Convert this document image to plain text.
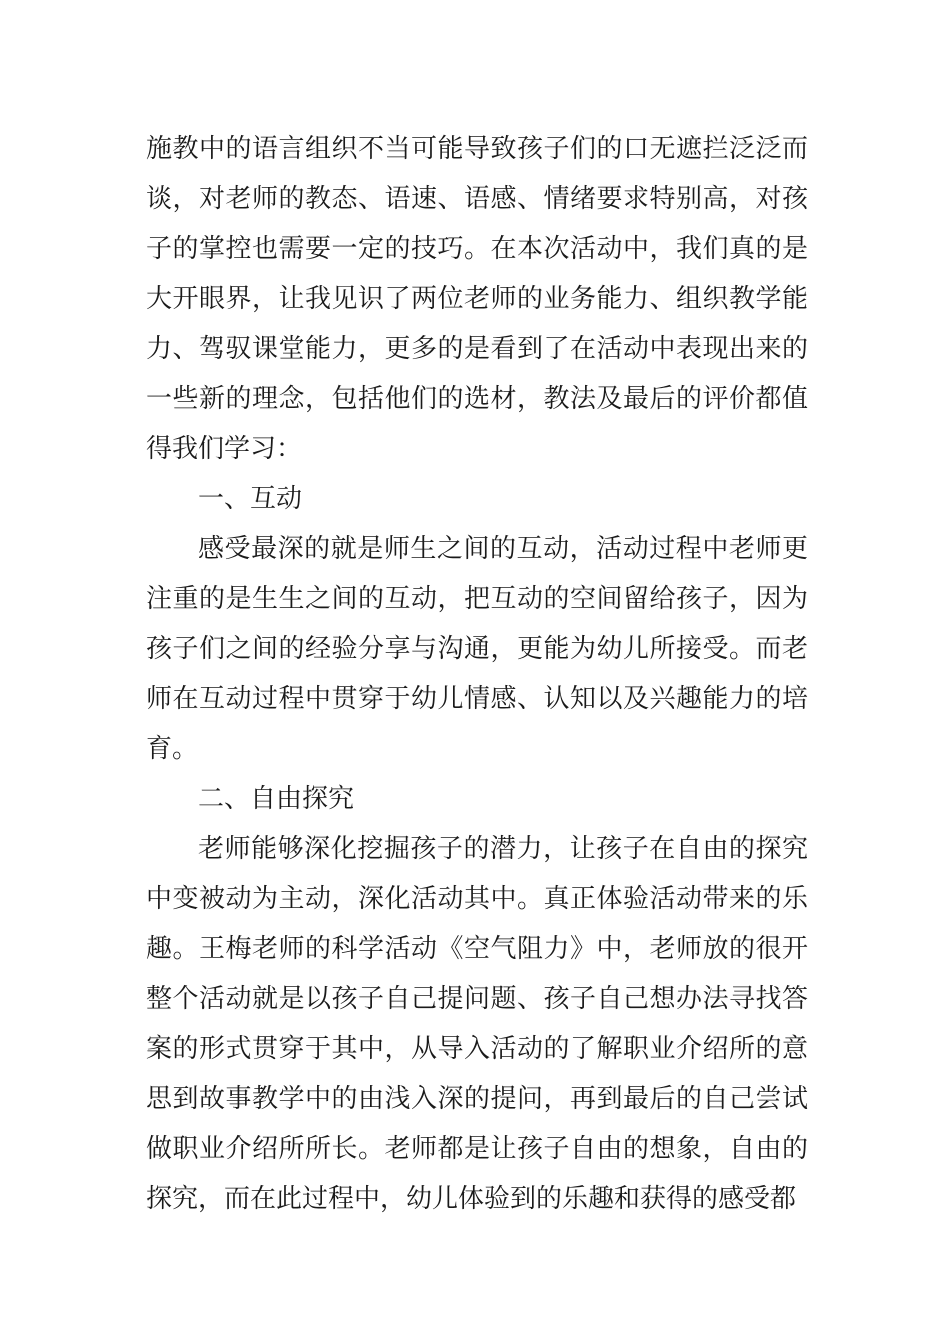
施教中的语言组织不当可能导致孩子们的口无遮拦泛泛而谈，对老师的教态、语速、语感、情绪要求特别高，对孩子的掌控也需要一定的技巧。在本次活动中，我们真的是大开眼界，让我见识了两位老师的业务能力、组织教学能力、驾驭课堂能力，更多的是看到了在活动中表现出来的一些新的理念，包括他们的选材，教法及最后的评价都值得我们学习：

一、互动

感受最深的就是师生之间的互动，活动过程中老师更注重的是生生之间的互动，把互动的空间留给孩子，因为孩子们之间的经验分享与沟通，更能为幼儿所接受。而老师在互动过程中贯穿于幼儿情感、认知以及兴趣能力的培育。

二、自由探究

老师能够深化挖掘孩子的潜力，让孩子在自由的探究中变被动为主动，深化活动其中。真正体验活动带来的乐趣。王梅老师的科学活动《空气阻力》中，老师放的很开整个活动就是以孩子自己提问题、孩子自己想办法寻找答案的形式贯穿于其中，从导入活动的了解职业介绍所的意思到故事教学中的由浅入深的提问，再到最后的自己尝试做职业介绍所所长。老师都是让孩子自由的想象，自由的探究，而在此过程中，幼儿体验到的乐趣和获得的感受都
